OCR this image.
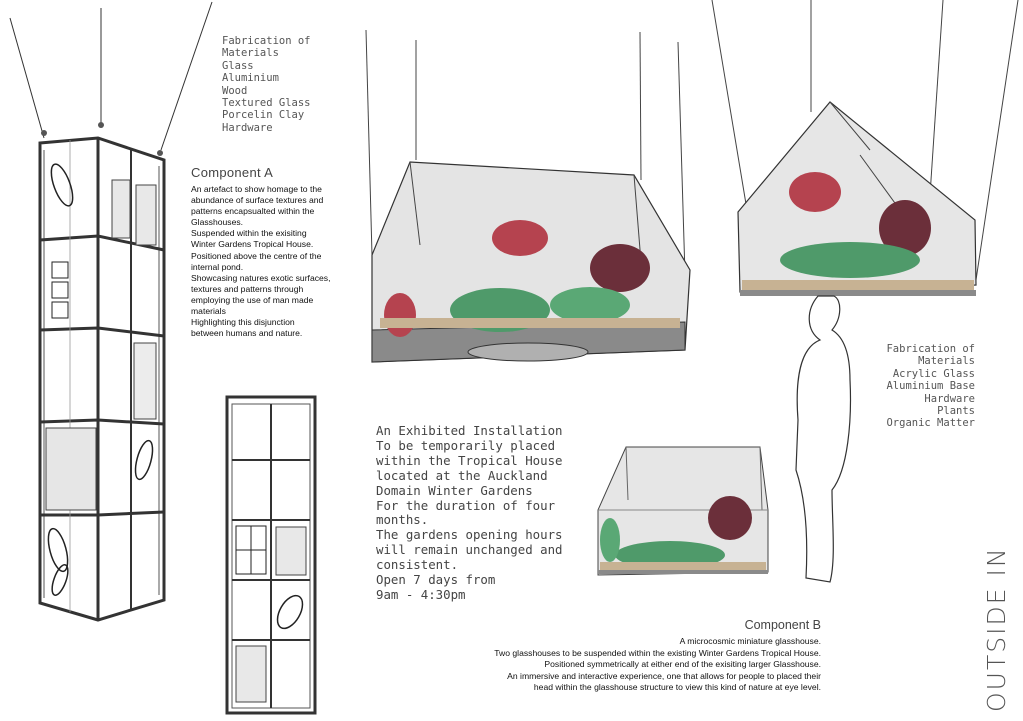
Fabrication of
Materials
Glass
Aluminium
Wood
Textured Glass
Porcelin Clay
Hardware
Component A
An artefact to show homage to the
abundance of surface textures and
patterns encapsualted within the
Glasshouses.
Suspended within the exisiting
Winter Gardens Tropical House.
Positioned above the centre of the
internal pond.
Showcasing natures exotic surfaces,
textures and patterns through
employing the use of man made
materials
Highlighting this disjunction
between humans and nature.
An Exhibited Installation
To be temporarily placed
within the Tropical House
located at the Auckland
Domain Winter Gardens
For the duration of four
months.
The gardens opening hours
will remain unchanged and
consistent.
Open 7 days from
9am - 4:30pm
Fabrication of
Materials
Acrylic Glass
Aluminium Base
Hardware
Plants
Organic Matter
Component B
A microcosmic miniature glasshouse.
Two glasshouses to be suspended within the existing Winter Gardens Tropical House.
Positioned symmetrically at either end of the exisiting larger Glasshouse.
An immersive and interactive experience, one that allows for people to placed their
head within the glasshouse structure to view this kind of nature at eye level.	OUTSIDE IN
